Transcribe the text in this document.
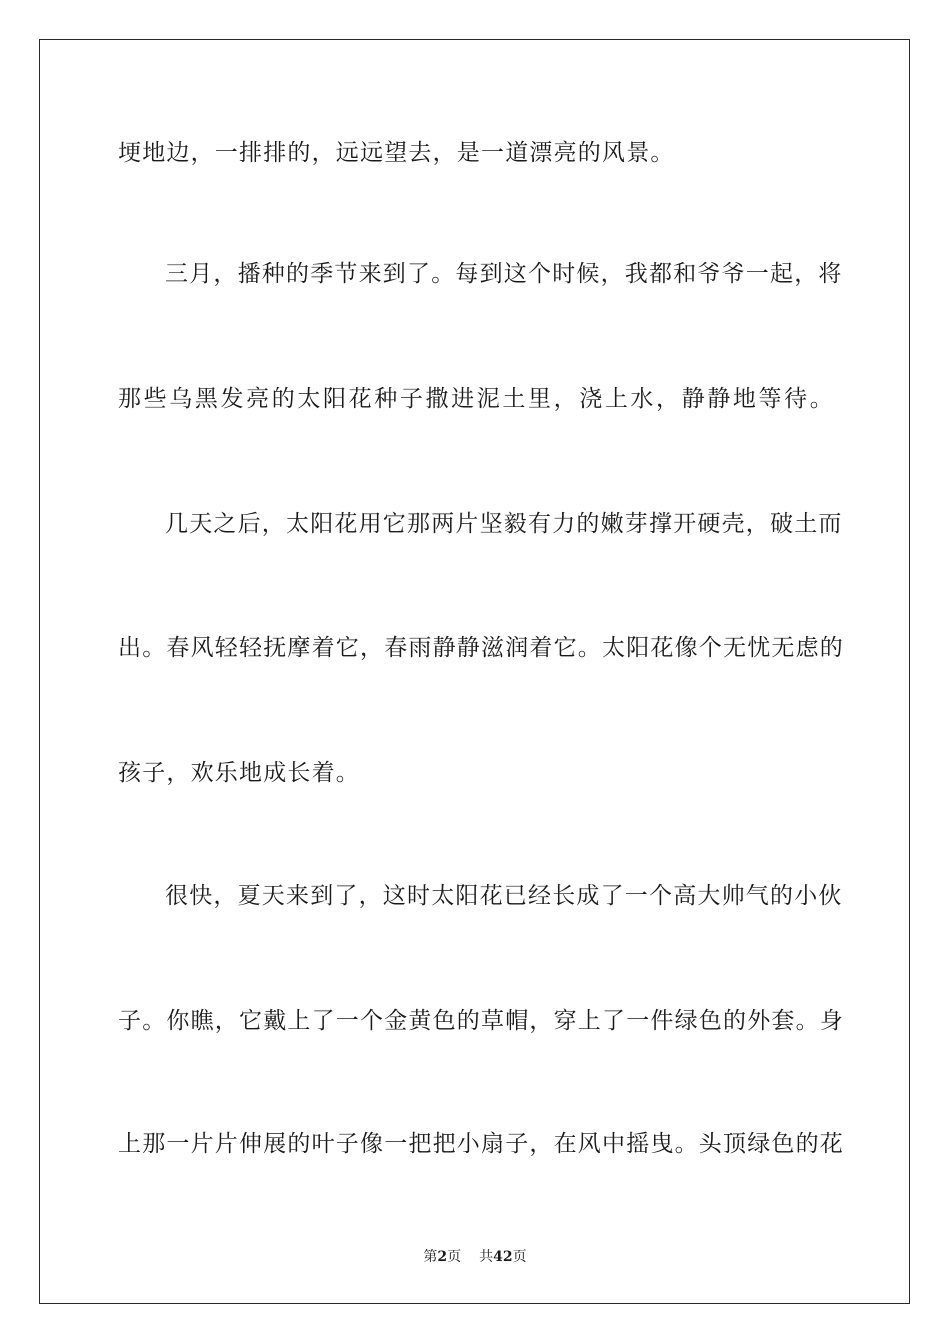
埂地边，一排排的，远远望去，是一道漂亮的风景。
三月，播种的季节来到了。每到这个时候，我都和爷爷一起，将
那些乌黑发亮的太阳花种子撒进泥土里，浇上水，静静地等待。
几天之后，太阳花用它那两片坚毅有力的嫩芽撑开硬壳，破土而
出。春风轻轻抚摩着它，春雨静静滋润着它。太阳花像个无忧无虑的
孩子，欢乐地成长着。
很快，夏天来到了，这时太阳花已经长成了一个高大帅气的小伙
子。你瞧，它戴上了一个金黄色的草帽，穿上了一件绿色的外套。身
上那一片片伸展的叶子像一把把小扇子，在风中摇曳。头顶绿色的花
第2页 共42页
